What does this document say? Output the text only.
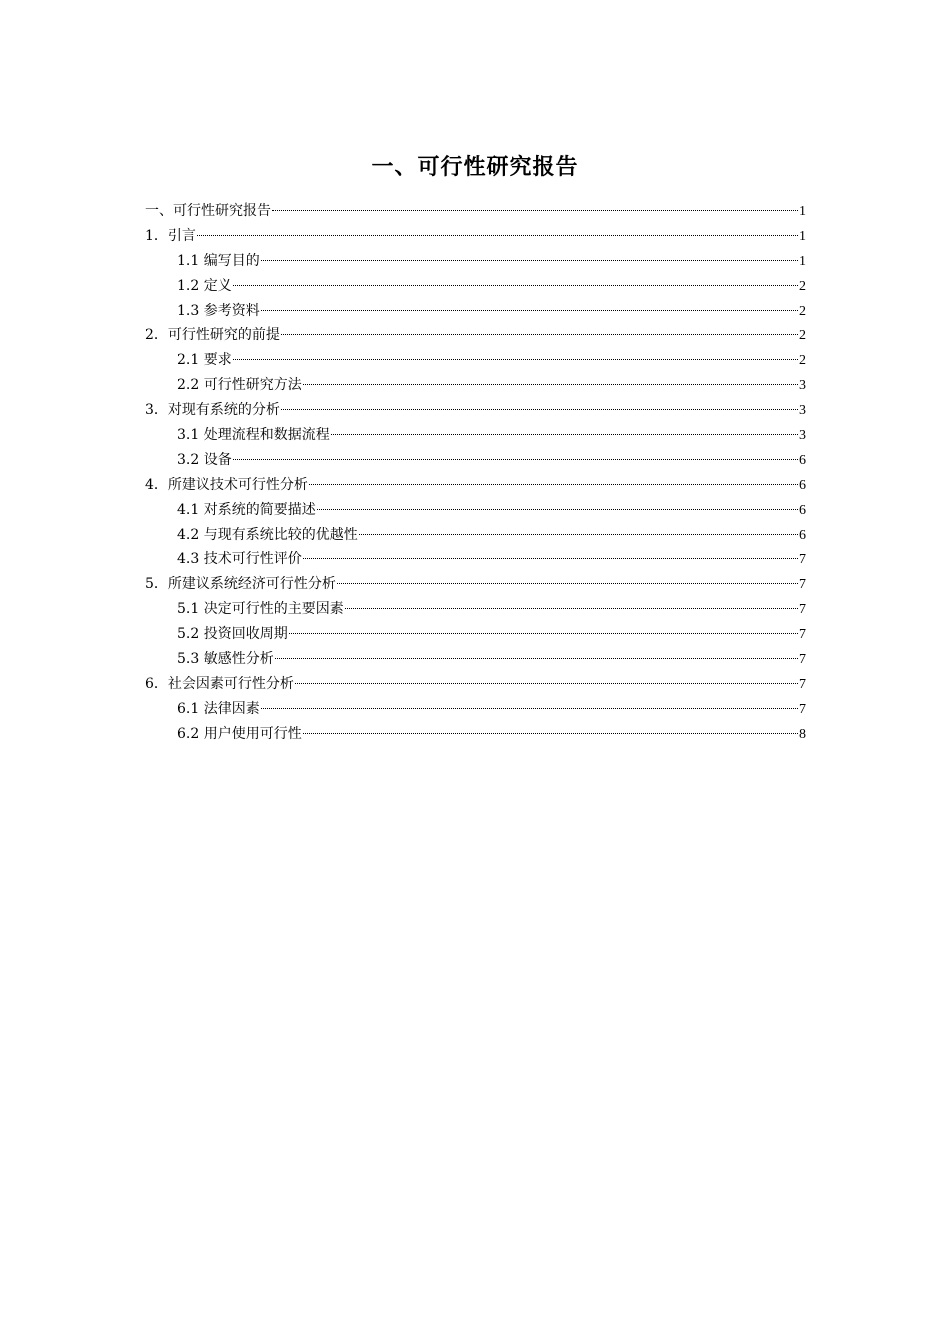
一、可行性研究报告
一、可行性研究报告	1
1．引言	1
1.1 编写目的	1
1.2 定义	2
1.3 参考资料	2
2．可行性研究的前提	2
2.1 要求	2
2.2 可行性研究方法	3
3．对现有系统的分析	3
3.1 处理流程和数据流程	3
3.2 设备	6
4．所建议技术可行性分析	6
4.1 对系统的简要描述	6
4.2 与现有系统比较的优越性	6
4.3 技术可行性评价	7
5．所建议系统经济可行性分析	7
5.1 决定可行性的主要因素	7
5.2 投资回收周期	7
5.3 敏感性分析	7
6．社会因素可行性分析	7
6.1 法律因素	7
6.2 用户使用可行性	8
